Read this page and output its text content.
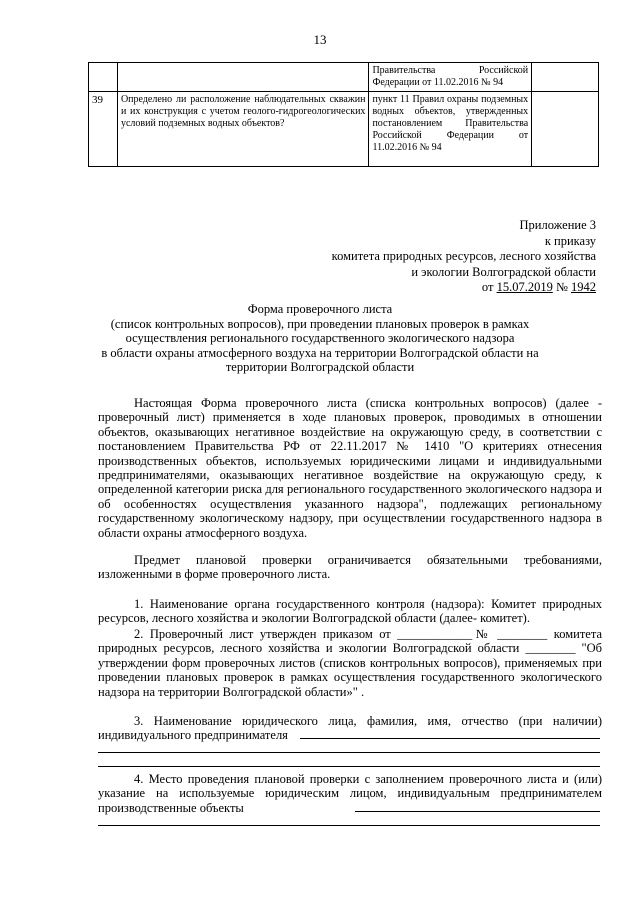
13
		Правительства Российской Федерации от 11.02.2016 № 94	
39	Определено ли расположение наблюдательных скважин и их конструкция с учетом геолого-гидрогеологических условий подземных водных объектов?	пункт 11 Правил охраны подземных водных объектов, утвержденных постановлением Правительства Российской Федерации от 11.02.2016 № 94	
Приложение 3
к приказу
комитета природных ресурсов, лесного хозяйства
и экологии Волгоградской области
от 15.07.2019 № 1942
Форма проверочного листа
(список контрольных вопросов), при проведении плановых проверок в рамках
осуществления регионального государственного экологического надзора
в области охраны атмосферного воздуха на территории Волгоградской области на
территории Волгоградской области
Настоящая Форма проверочного листа (списка контрольных вопросов) (далее - проверочный лист) применяется в ходе плановых проверок, проводимых в отношении объектов, оказывающих негативное воздействие на окружающую среду, в соответствии с постановлением Правительства РФ от 22.11.2017 № 1410 "О критериях отнесения производственных объектов, используемых юридическими лицами и индивидуальными предпринимателями, оказывающих негативное воздействие на окружающую среду, к определенной категории риска для регионального государственного экологического надзора и об особенностях осуществления указанного надзора", подлежащих региональному государственному экологическому надзору, при осуществлении государственного надзора в области охраны атмосферного воздуха.
Предмет плановой проверки ограничивается обязательными требованиями, изложенными в форме проверочного листа.
1. Наименование органа государственного контроля (надзора): Комитет природных ресурсов, лесного хозяйства и экологии Волгоградской области (далее- комитет).
2. Проверочный лист утвержден приказом от ____________№ ________ комитета природных ресурсов, лесного хозяйства и экологии Волгоградской области ________ "Об утверждении форм проверочных листов (списков контрольных вопросов), применяемых при проведении плановых проверок в рамках осуществления государственного экологического надзора на территории Волгоградской области»" .
3. Наименование юридического лица, фамилия, имя, отчество (при наличии) индивидуального предпринимателя
4. Место проведения плановой проверки с заполнением проверочного листа и (или) указание на используемые юридическим лицом, индивидуальным предпринимателем производственные объекты
